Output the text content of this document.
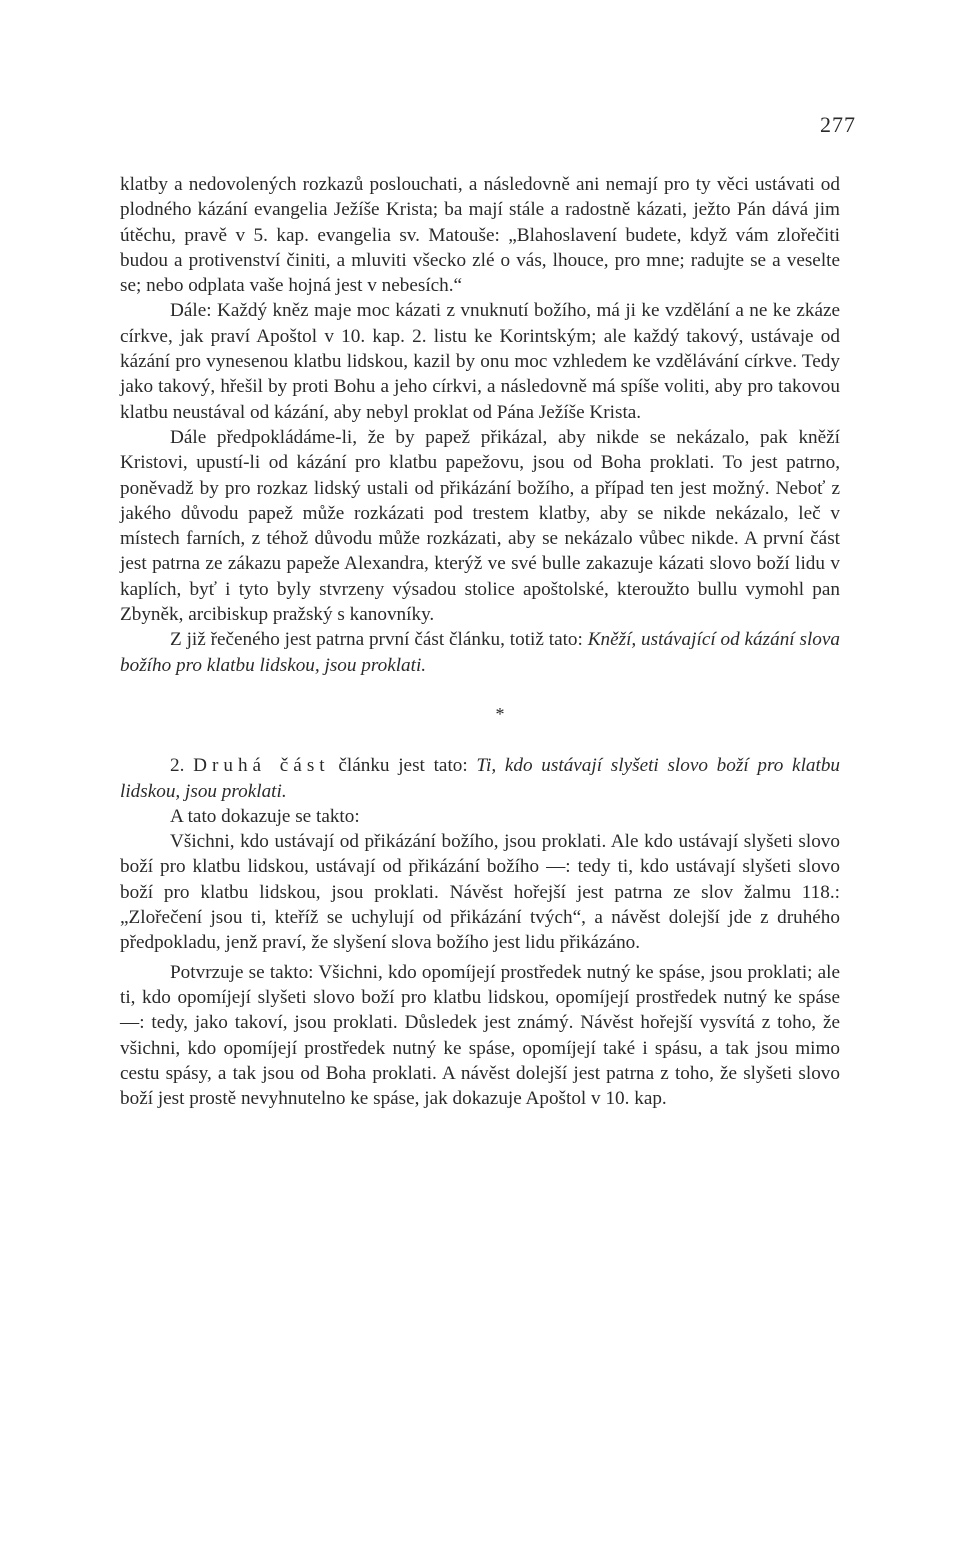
277

klatby a nedovolených rozkazů poslouchati, a následovně ani nemají pro ty věci ustávati od plodného kázání evangelia Ježíše Krista; ba mají stále a radostně kázati, ježto Pán dává jim útěchu, pravě v 5. kap. evangelia sv. Matouše: „Blahoslavení budete, když vám zlořečiti budou a protivenství činiti, a mluviti všecko zlé o vás, lhouce, pro mne; radujte se a veselte se; nebo odplata vaše hojná jest v nebesích.“

Dále: Každý kněz maje moc kázati z vnuknutí božího, má ji ke vzdělání a ne ke zkáze církve, jak praví Apoštol v 10. kap. 2. listu ke Korintským; ale každý takový, ustávaje od kázání pro vynesenou klatbu lidskou, kazil by onu moc vzhledem ke vzdělávání církve. Tedy jako takový, hřešil by proti Bohu a jeho církvi, a následovně má spíše voliti, aby pro takovou klatbu neustával od kázání, aby nebyl proklat od Pána Ježíše Krista.

Dále předpokládáme-li, že by papež přikázal, aby nikde se nekázalo, pak kněží Kristovi, upustí-li od kázání pro klatbu papežovu, jsou od Boha proklati. To jest patrno, poněvadž by pro rozkaz lidský ustali od přikázání božího, a případ ten jest možný. Neboť z jakého důvodu papež může rozkázati pod trestem klatby, aby se nikde nekázalo, leč v místech farních, z téhož důvodu může rozkázati, aby se nekázalo vůbec nikde. A první část jest patrna ze zákazu papeže Alexandra, kterýž ve své bulle zakazuje kázati slovo boží lidu v kaplích, byť i tyto byly stvrzeny výsadou stolice apoštolské, kteroužto bullu vymohl pan Zbyněk, arcibiskup pražský s kanovníky.

Z již řečeného jest patrna první část článku, totiž tato: Kněží, ustávající od kázání slova božího pro klatbu lidskou, jsou proklati.

*

2. Druhá část článku jest tato: Ti, kdo ustávají slyšeti slovo boží pro klatbu lidskou, jsou proklati.

A tato dokazuje se takto:

Všichni, kdo ustávají od přikázání božího, jsou proklati. Ale kdo ustávají slyšeti slovo boží pro klatbu lidskou, ustávají od přikázání božího —: tedy ti, kdo ustávají slyšeti slovo boží pro klatbu lidskou, jsou proklati. Návěst hořejší jest patrna ze slov žalmu 118.: „Zlořečení jsou ti, kteříž se uchylují od přikázání tvých“, a návěst dolejší jde z druhého předpokladu, jenž praví, že slyšení slova božího jest lidu přikázáno.

Potvrzuje se takto: Všichni, kdo opomíjejí prostředek nutný ke spáse, jsou proklati; ale ti, kdo opomíjejí slyšeti slovo boží pro klatbu lidskou, opomíjejí prostředek nutný ke spáse —: tedy, jako takoví, jsou proklati. Důsledek jest známý. Návěst hořejší vysvítá z toho, že všichni, kdo opomíjejí prostředek nutný ke spáse, opomíjejí také i spásu, a tak jsou mimo cestu spásy, a tak jsou od Boha proklati. A návěst dolejší jest patrna z toho, že slyšeti slovo boží jest prostě nevyhnutelno ke spáse, jak dokazuje Apoštol v 10. kap.
